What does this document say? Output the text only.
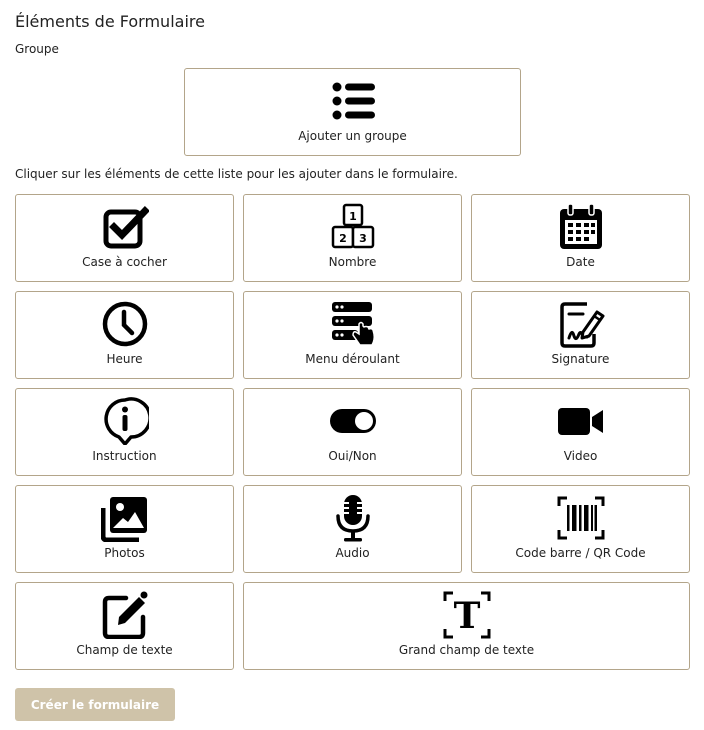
Éléments de Formulaire
Groupe
Ajouter un groupe
Cliquer sur les éléments de cette liste pour les ajouter dans le formulaire.
Case à cocher
1
2 3
Nombre	Date
Heure	Menu déroulant	Signature
Instruction	Oui/Non	Video
Photos	Audio	Code barre / QR Code
Champ de texte
T
Grand champ de texte
Créer le formulaire
